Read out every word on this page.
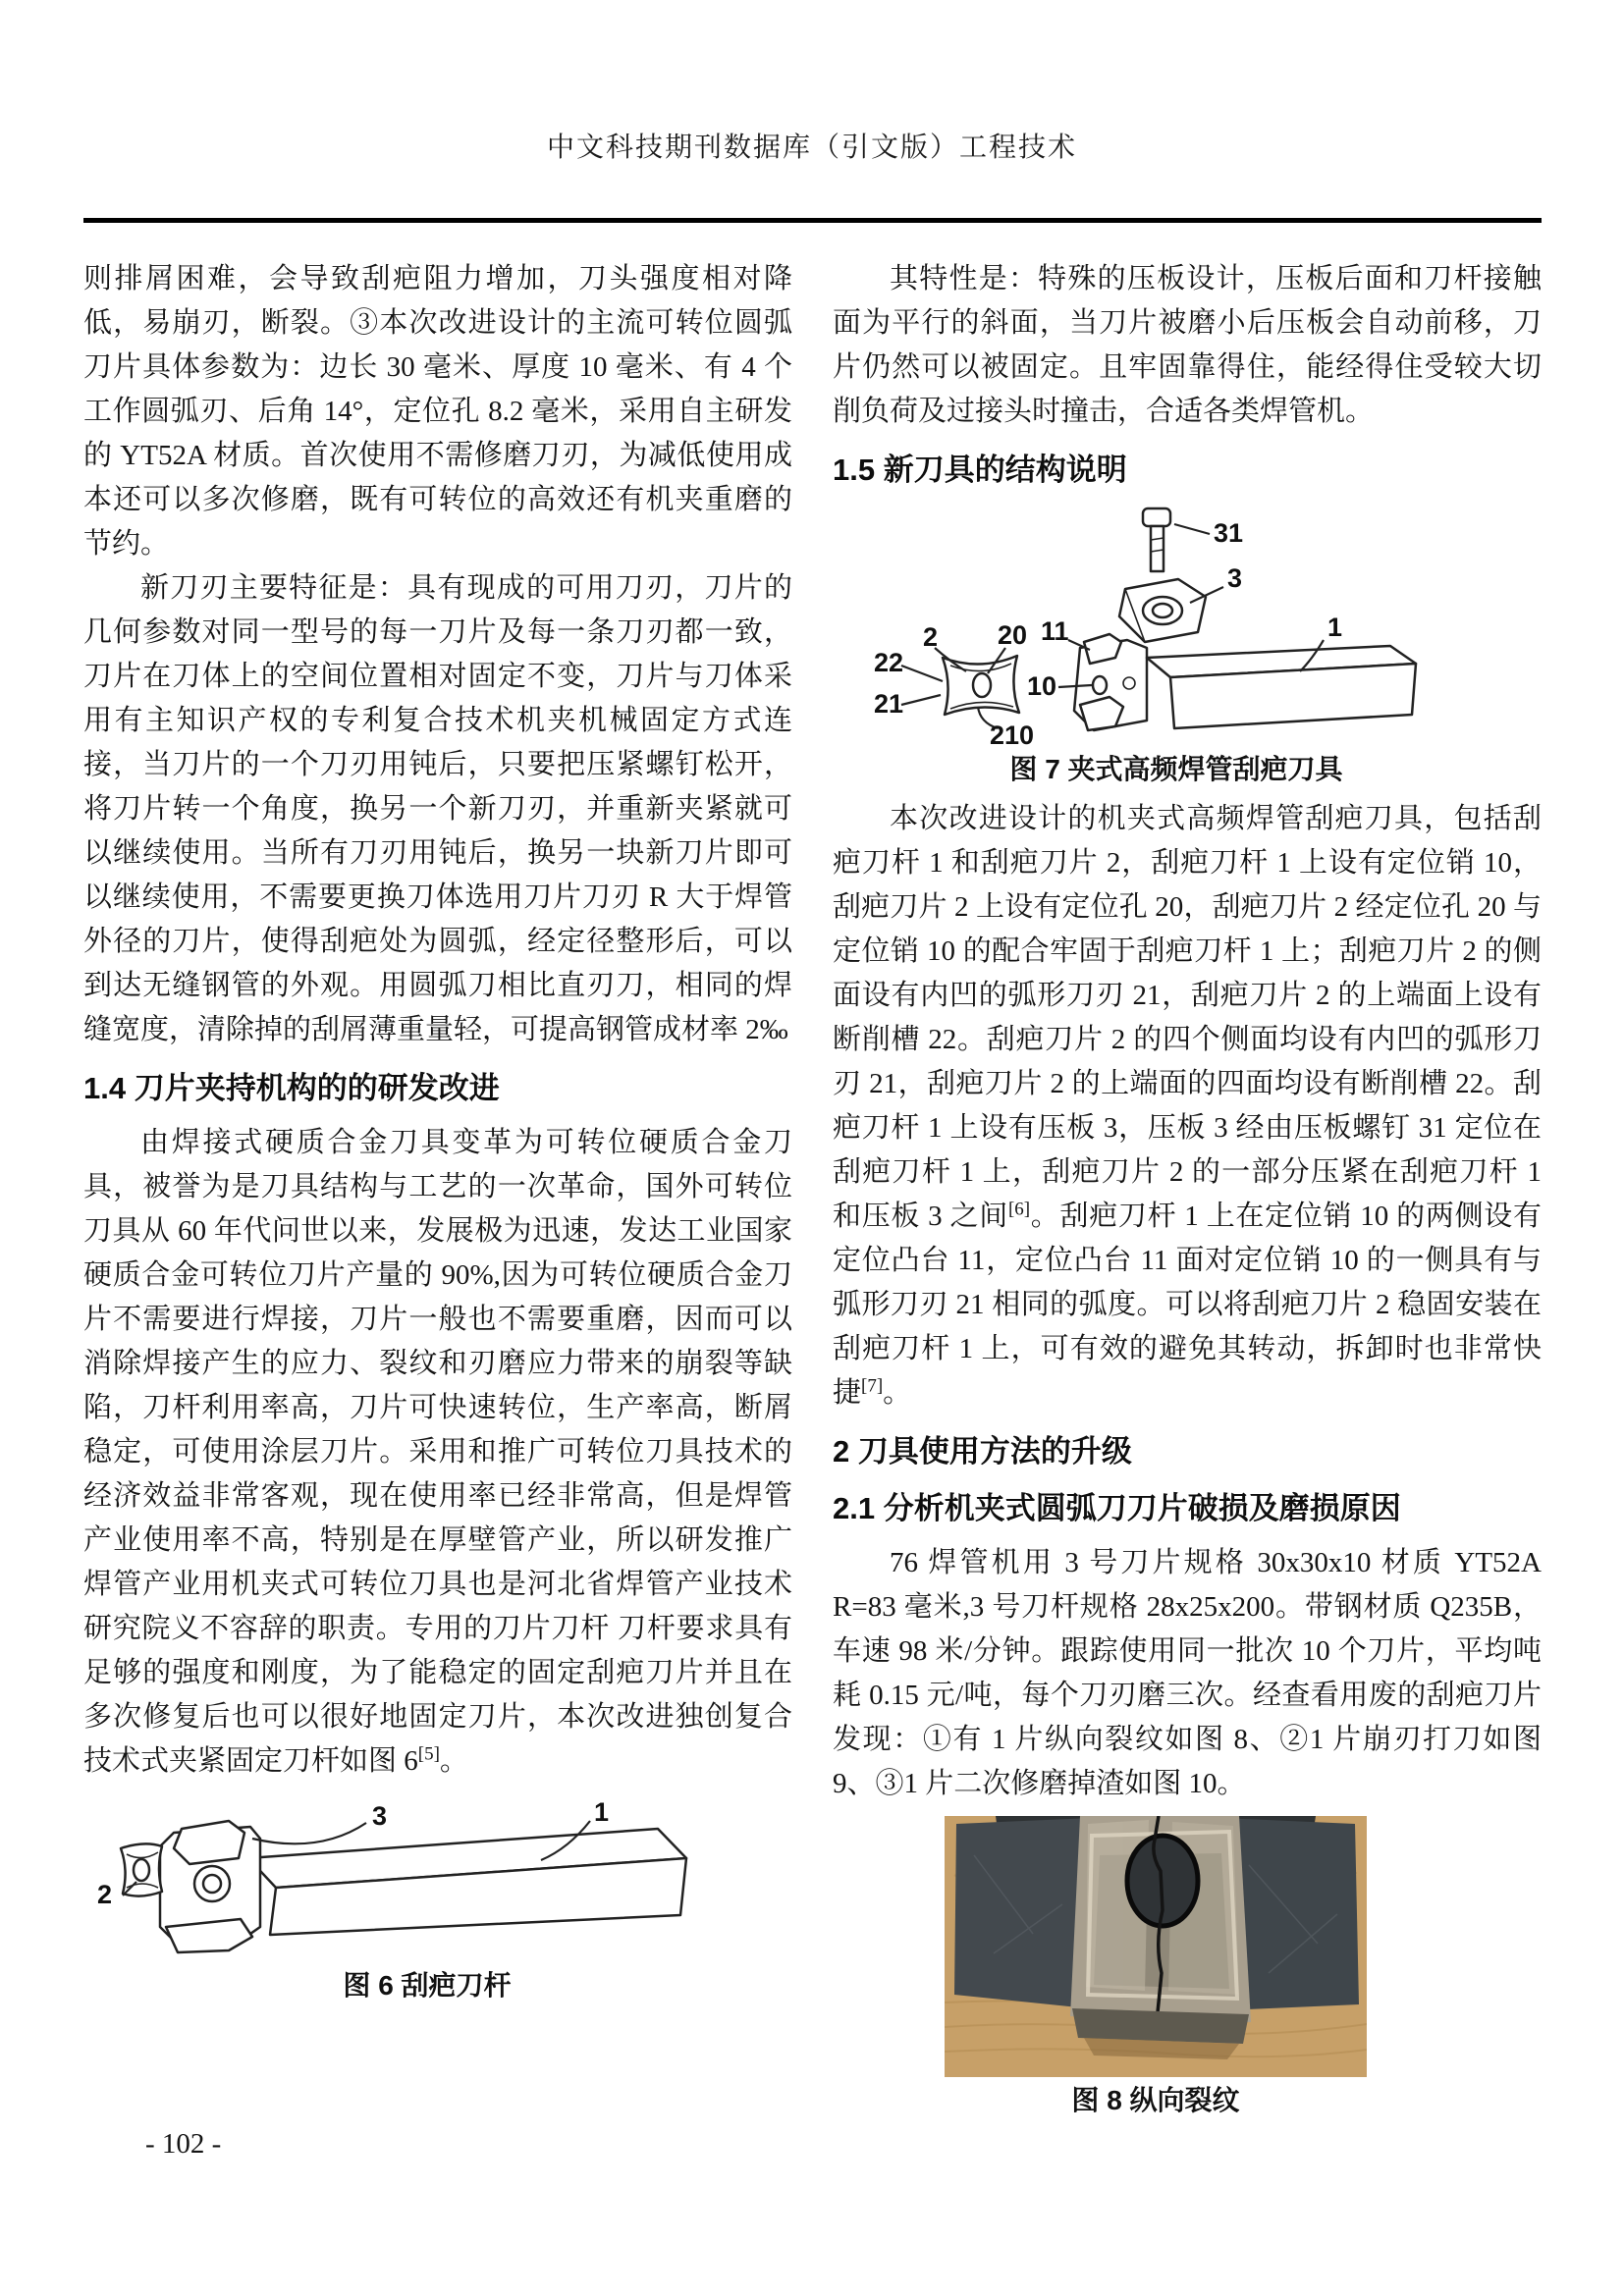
中文科技期刊数据库（引文版）工程技术

则排屑困难，会导致刮疤阻力增加，刀头强度相对降低，易崩刃，断裂。③本次改进设计的主流可转位圆弧刀片具体参数为：边长 30 毫米、厚度 10 毫米、有 4 个工作圆弧刃、后角 14°，定位孔 8.2 毫米，采用自主研发的 YT52A 材质。首次使用不需修磨刀刃，为减低使用成本还可以多次修磨，既有可转位的高效还有机夹重磨的节约。

新刀刃主要特征是：具有现成的可用刀刃，刀片的几何参数对同一型号的每一刀片及每一条刀刃都一致，刀片在刀体上的空间位置相对固定不变，刀片与刀体采用有主知识产权的专利复合技术机夹机械固定方式连接，当刀片的一个刀刃用钝后，只要把压紧螺钉松开，将刀片转一个角度，换另一个新刀刃，并重新夹紧就可以继续使用。当所有刀刃用钝后，换另一块新刀片即可以继续使用，不需要更换刀体选用刀片刀刃 R 大于焊管外径的刀片，使得刮疤处为圆弧，经定径整形后，可以到达无缝钢管的外观。用圆弧刀相比直刃刀，相同的焊缝宽度，清除掉的刮屑薄重量轻，可提高钢管成材率 2‰

1.4 刀片夹持机构的的研发改进

由焊接式硬质合金刀具变革为可转位硬质合金刀具，被誉为是刀具结构与工艺的一次革命，国外可转位刀具从 60 年代问世以来，发展极为迅速，发达工业国家硬质合金可转位刀片产量的 90%,因为可转位硬质合金刀片不需要进行焊接，刀片一般也不需要重磨，因而可以消除焊接产生的应力、裂纹和刃磨应力带来的崩裂等缺陷，刀杆利用率高，刀片可快速转位，生产率高，断屑稳定，可使用涂层刀片。采用和推广可转位刀具技术的经济效益非常客观，现在使用率已经非常高，但是焊管产业使用率不高，特别是在厚壁管产业，所以研发推广焊管产业用机夹式可转位刀具也是河北省焊管产业技术研究院义不容辞的职责。专用的刀片刀杆 刀杆要求具有足够的强度和刚度，为了能稳定的固定刮疤刀片并且在多次修复后也可以很好地固定刀片，本次改进独创复合技术式夹紧固定刀杆如图 6[5]。

3	1
2
图 6 刮疤刀杆

其特性是：特殊的压板设计，压板后面和刀杆接触面为平行的斜面，当刀片被磨小后压板会自动前移，刀片仍然可以被固定。且牢固靠得住，能经得住受较大切削负荷及过接头时撞击，合适各类焊管机。

1.5 新刀具的结构说明
31
3
2 20
22
21
210
11
10
1
图 7 夹式高频焊管刮疤刀具

本次改进设计的机夹式高频焊管刮疤刀具，包括刮疤刀杆 1 和刮疤刀片 2，刮疤刀杆 1 上设有定位销 10，刮疤刀片 2 上设有定位孔 20，刮疤刀片 2 经定位孔 20 与定位销 10 的配合牢固于刮疤刀杆 1 上；刮疤刀片 2 的侧面设有内凹的弧形刀刃 21，刮疤刀片 2 的上端面上设有断削槽 22。刮疤刀片 2 的四个侧面均设有内凹的弧形刀刃 21，刮疤刀片 2 的上端面的四面均设有断削槽 22。刮疤刀杆 1 上设有压板 3，压板 3 经由压板螺钉 31 定位在刮疤刀杆 1 上，刮疤刀片 2 的一部分压紧在刮疤刀杆 1 和压板 3 之间[6]。刮疤刀杆 1 上在定位销 10 的两侧设有定位凸台 11，定位凸台 11 面对定位销 10 的一侧具有与弧形刀刃 21 相同的弧度。可以将刮疤刀片 2 稳固安装在刮疤刀杆 1 上，可有效的避免其转动，拆卸时也非常快捷[7]。

2 刀具使用方法的升级
2.1 分析机夹式圆弧刀刀片破损及磨损原因

76 焊管机用 3 号刀片规格 30x30x10 材质 YT52A R=83 毫米,3 号刀杆规格 28x25x200。带钢材质 Q235B，车速 98 米/分钟。跟踪使用同一批次 10 个刀片，平均吨耗 0.15 元/吨，每个刀刃磨三次。经查看用废的刮疤刀片发现：①有 1 片纵向裂纹如图 8、②1 片崩刃打刀如图 9、③1 片二次修磨掉渣如图 10。

图 8 纵向裂纹
- 102 -
